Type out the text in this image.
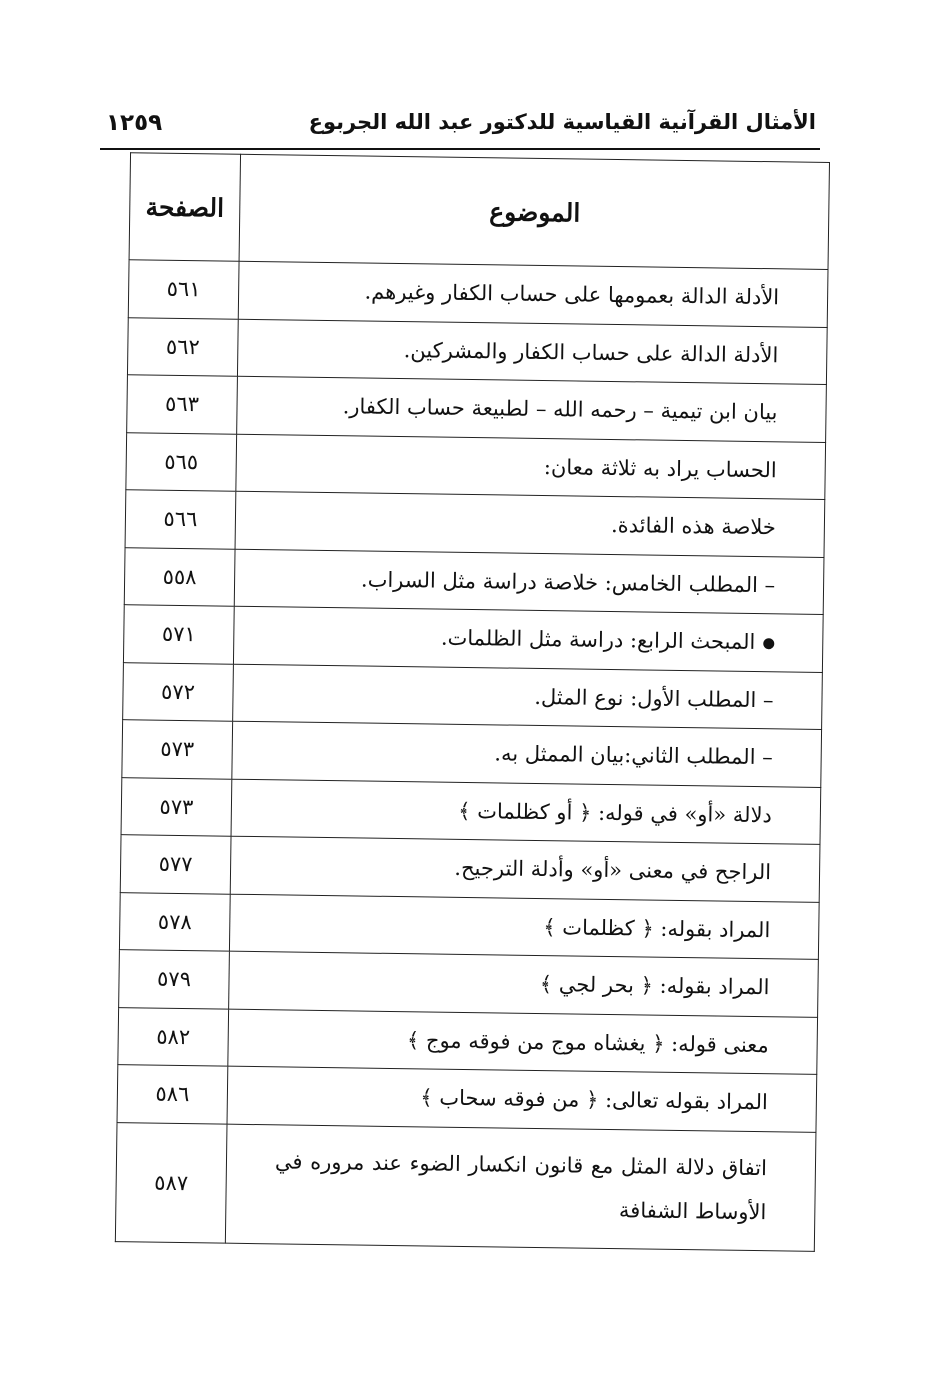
الأمثال القرآنية القياسية للدكتور عبد الله الجربوع
١٢٥٩
الموضوع	الصفحة
الأدلة الدالة بعمومها على حساب الكفار وغيرهم.	٥٦١
الأدلة الدالة على حساب الكفار والمشركين.	٥٦٢
بيان ابن تيمية – رحمه الله – لطبيعة حساب الكفار.	٥٦٣
الحساب يراد به ثلاثة معان:	٥٦٥
خلاصة هذه الفائدة.	٥٦٦
– المطلب الخامس: خلاصة دراسة مثل السراب.	٥٥٨
المبحث الرابع: دراسة مثل الظلمات.	٥٧١
– المطلب الأول: نوع المثل.	٥٧٢
– المطلب الثاني:بيان الممثل به.	٥٧٣
دلالة «أو» في قوله: ﴿ أو كظلمات ﴾	٥٧٣
الراجح في معنى «أو» وأدلة الترجيح.	٥٧٧
المراد بقوله: ﴿ كظلمات ﴾	٥٧٨
المراد بقوله: ﴿ بحر لجي ﴾	٥٧٩
معنى قوله: ﴿ يغشاه موج من فوقه موج ﴾	٥٨٢
المراد بقوله تعالى: ﴿ من فوقه سحاب ﴾	٥٨٦
اتفاق دلالة المثل مع قانون انكسار الضوء عند مروره في الأوساط الشفافة	٥٨٧
